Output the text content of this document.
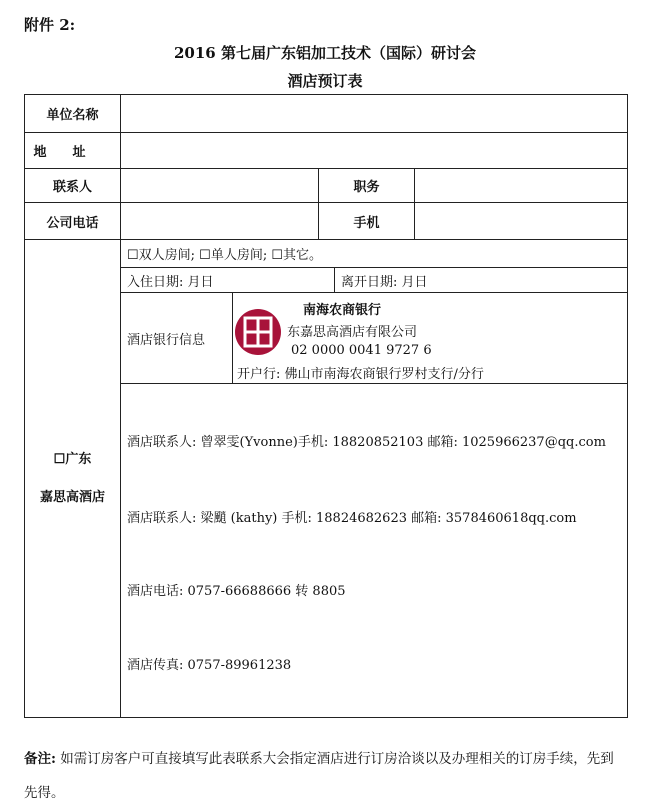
附件 2:
2016 第七届广东铝加工技术（国际）研讨会
酒店预订表
单位名称					
地址					
联系人			职务		
公司电话			手机		

☐广东
嘉思高酒店	☐双人房间; ☐单人房间; ☐其它。				
	入住日期: 月日			离开日期: 月日	
	酒店银行信息	南海农商银行
东嘉思高酒店有限公司
02 0000 0041 9727 6
开户行: 佛山市南海农商银行罗村支行/分行			

	酒店联系人: 曾翠雯(Yvonne)手机: 18820852103 邮箱: 1025966237@qq.com
酒店联系人: 梁颵 (kathy) 手机: 18824682623 邮箱: 3578460618qq.com
酒店电话: 0757-66688666 转 8805
酒店传真: 0757-89961238				
备注: 如需订房客户可直接填写此表联系大会指定酒店进行订房洽谈以及办理相关的订房手续，先到先得。
